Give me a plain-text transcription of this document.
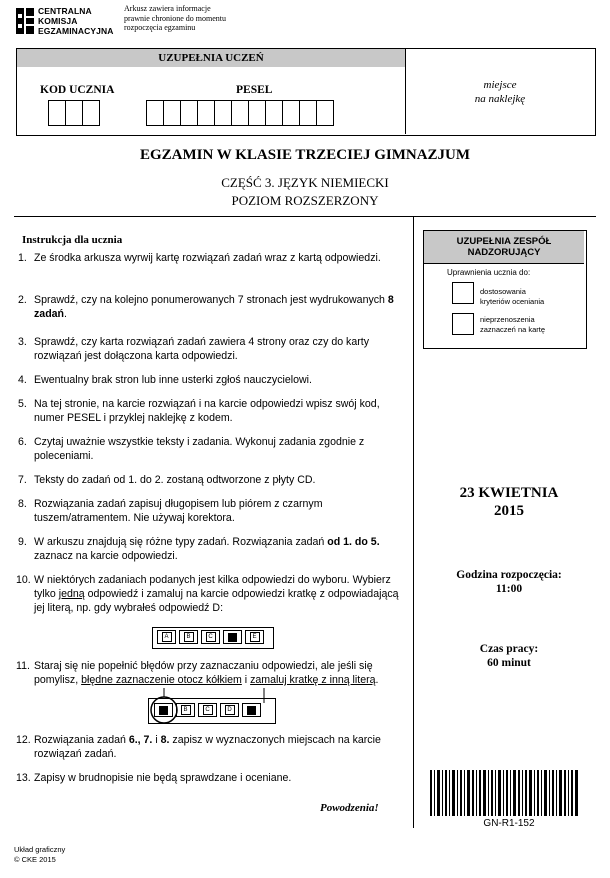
CENTRALNA
KOMISJA
EGZAMINACYJNA
Arkusz zawiera informacje
prawnie chronione do momentu
rozpoczęcia egzaminu
UZUPEŁNIA UCZEŃ
KOD UCZNIA	PESEL	miejsce
na naklejkę
EGZAMIN W KLASIE TRZECIEJ GIMNAZJUM
CZĘŚĆ 3. JĘZYK NIEMIECKI
POZIOM ROZSZERZONY
Instrukcja dla ucznia
1. Ze środka arkusza wyrwij kartę rozwiązań zadań wraz z kartą odpowiedzi.
2. Sprawdź, czy na kolejno ponumerowanych 7 stronach jest wydrukowanych 8 zadań.
3. Sprawdź, czy karta rozwiązań zadań zawiera 4 strony oraz czy do karty rozwiązań jest dołączona karta odpowiedzi.
4. Ewentualny brak stron lub inne usterki zgłoś nauczycielowi.
5. Na tej stronie, na karcie rozwiązań i na karcie odpowiedzi wpisz swój kod, numer PESEL i przyklej naklejkę z kodem.
6. Czytaj uważnie wszystkie teksty i zadania. Wykonuj zadania zgodnie z poleceniami.
7. Teksty do zadań od 1. do 2. zostaną odtworzone z płyty CD.
8. Rozwiązania zadań zapisuj długopisem lub piórem z czarnym tuszem/atramentem. Nie używaj korektora.
9. W arkuszu znajdują się różne typy zadań. Rozwiązania zadań od 1. do 5. zaznacz na karcie odpowiedzi.
10. W niektórych zadaniach podanych jest kilka odpowiedzi do wyboru. Wybierz tylko jedną odpowiedź i zamaluj na karcie odpowiedzi kratkę z odpowiadającą jej literą, np. gdy wybrałeś odpowiedź D:
11. Staraj się nie popełnić błędów przy zaznaczaniu odpowiedzi, ale jeśli się pomylisz, błędne zaznaczenie otocz kółkiem i zamaluj kratkę z inną literą.
12. Rozwiązania zadań 6., 7. i 8. zapisz w wyznaczonych miejscach na karcie rozwiązań zadań.
13. Zapisy w brudnopisie nie będą sprawdzane i oceniane.
A	B	C	E
B	C	D
Powodzenia!
UZUPEŁNIA ZESPÓŁ
NADZORUJĄCY
Uprawnienia ucznia do:
dostosowania
kryteriów oceniania
nieprzenoszenia
zaznaczeń na kartę
23 KWIETNIA
2015
Godzina rozpoczęcia:
11:00
Czas pracy:
60 minut
GN-R1-152
Układ graficzny
© CKE 2015
